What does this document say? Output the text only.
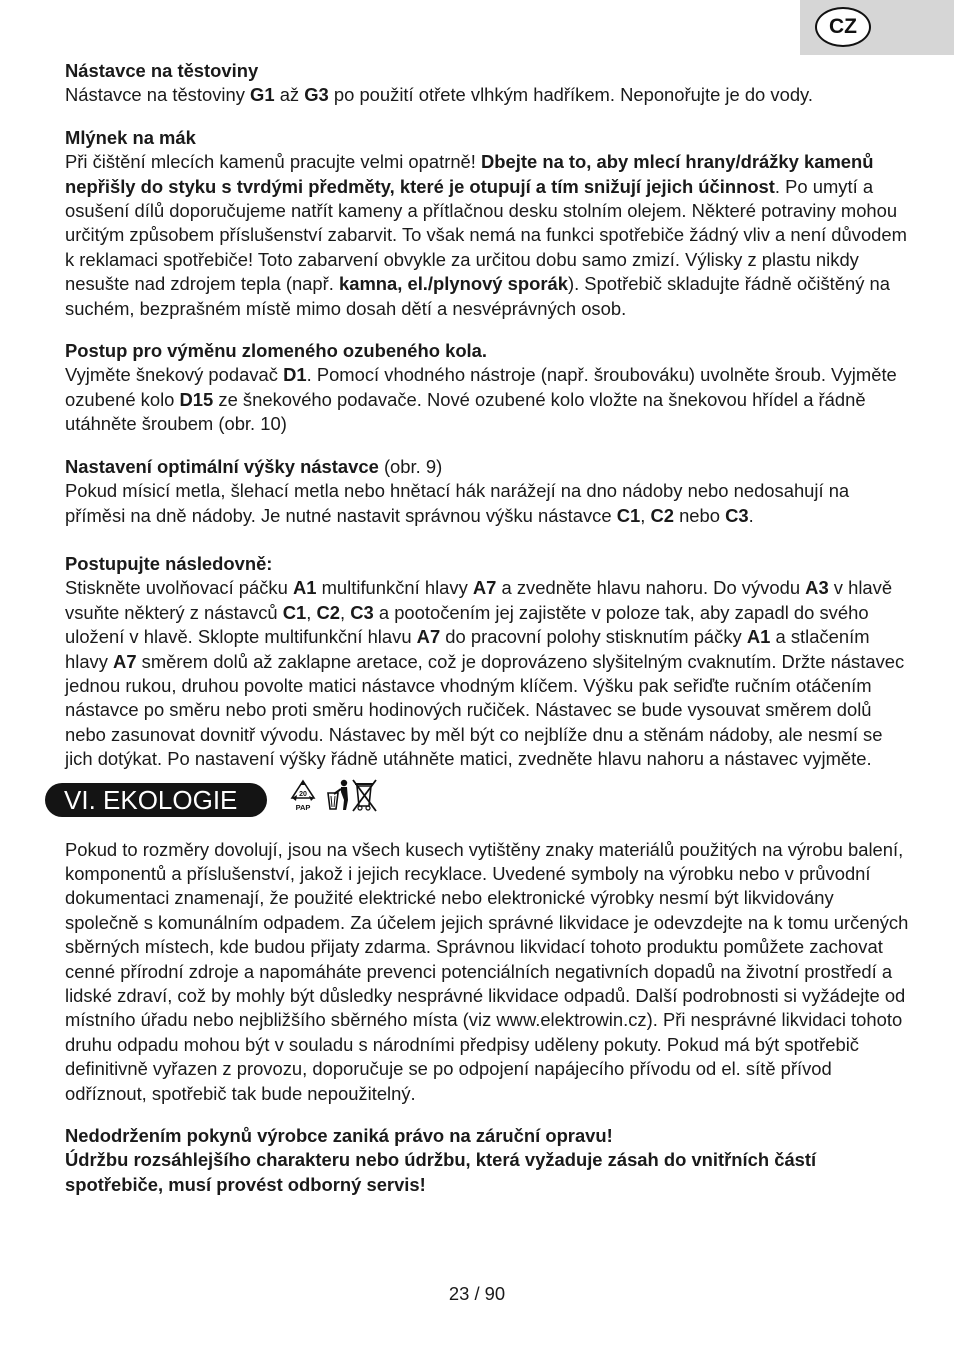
CZ

Nástavce na těstoviny

Nástavce na těstoviny G1 až G3 po použití otřete vlhkým hadříkem. Neponořujte je do vody.

Mlýnek na mák

Při čištění mlecích kamenů pracujte velmi opatrně! Dbejte na to, aby mlecí hrany/drážky kamenů nepřišly do styku s tvrdými předměty, které je otupují a tím snižují jejich účinnost. Po umytí a osušení dílů doporučujeme natřít kameny a přítlačnou desku stolním olejem. Některé potraviny mohou určitým způsobem příslušenství zabarvit. To však nemá na funkci spotřebiče žádný vliv a není důvodem k reklamaci spotřebiče! Toto zabarvení obvykle za určitou dobu samo zmizí. Výlisky z plastu nikdy nesušte nad zdrojem tepla (např. kamna, el./plynový sporák). Spotřebič skladujte řádně očištěný na suchém, bezprašném místě mimo dosah dětí a nesvéprávných osob.

Postup pro výměnu zlomeného ozubeného kola.

Vyjměte šnekový podavač D1. Pomocí vhodného nástroje (např. šroubováku) uvolněte šroub. Vyjměte ozubené kolo D15 ze šnekového podavače. Nové ozubené kolo vložte na šnekovou hřídel a řádně utáhněte šroubem (obr. 10)

Nastavení optimální výšky nástavce (obr. 9)

Pokud mísicí metla, šlehací metla nebo hnětací hák narážejí na dno nádoby nebo nedosahují na příměsi na dně nádoby. Je nutné nastavit správnou výšku nástavce C1, C2 nebo C3.

Postupujte následovně:

Stiskněte uvolňovací páčku A1 multifunkční hlavy A7 a zvedněte hlavu nahoru. Do vývodu A3 v hlavě vsuňte některý z nástavců C1, C2, C3 a pootočením jej zajistěte v poloze tak, aby zapadl do svého uložení v hlavě. Sklopte multifunkční hlavu A7 do pracovní polohy stisknutím páčky A1 a stlačením hlavy A7 směrem dolů až zaklapne aretace, což je doprovázeno slyšitelným cvaknutím. Držte nástavec jednou rukou, druhou povolte matici nástavce vhodným klíčem. Výšku pak seřiďte ručním otáčením nástavce po směru nebo proti směru hodinových ručiček. Nástavec se bude vysouvat směrem dolů nebo zasunovat dovnitř vývodu. Nástavec by měl být co nejblíže dnu a stěnám nádoby, ale nesmí se jich dotýkat. Po nastavení výšky řádně utáhněte matici, zvedněte hlavu nahoru a nástavec vyjměte.

VI. EKOLOGIE	20
PAP

Pokud to rozměry dovolují, jsou na všech kusech vytištěny znaky materiálů použitých na výrobu balení, komponentů a příslušenství, jakož i jejich recyklace. Uvedené symboly na výrobku nebo v průvodní dokumentaci znamenají, že použité elektrické nebo elektronické výrobky nesmí být likvidovány společně s komunálním odpadem. Za účelem jejich správné likvidace je odevzdejte na k tomu určených sběrných místech, kde budou přijaty zdarma. Správnou likvidací tohoto produktu pomůžete zachovat cenné přírodní zdroje a napomáháte prevenci potenciálních negativních dopadů na životní prostředí a lidské zdraví, což by mohly být důsledky nesprávné likvidace odpadů. Další podrobnosti si vyžádejte od místního úřadu nebo nejbližšího sběrného místa (viz www.elektrowin.cz). Při nesprávné likvidaci tohoto druhu odpadu mohou být v souladu s národními předpisy uděleny pokuty. Pokud má být spotřebič definitivně vyřazen z provozu, doporučuje se po odpojení napájecího přívodu od el. sítě přívod odříznout, spotřebič tak bude nepoužitelný.

Nedodržením pokynů výrobce zaniká právo na záruční opravu!

Údržbu rozsáhlejšího charakteru nebo údržbu, která vyžaduje zásah do vnitřních částí spotřebiče, musí provést odborný servis!

23 / 90
